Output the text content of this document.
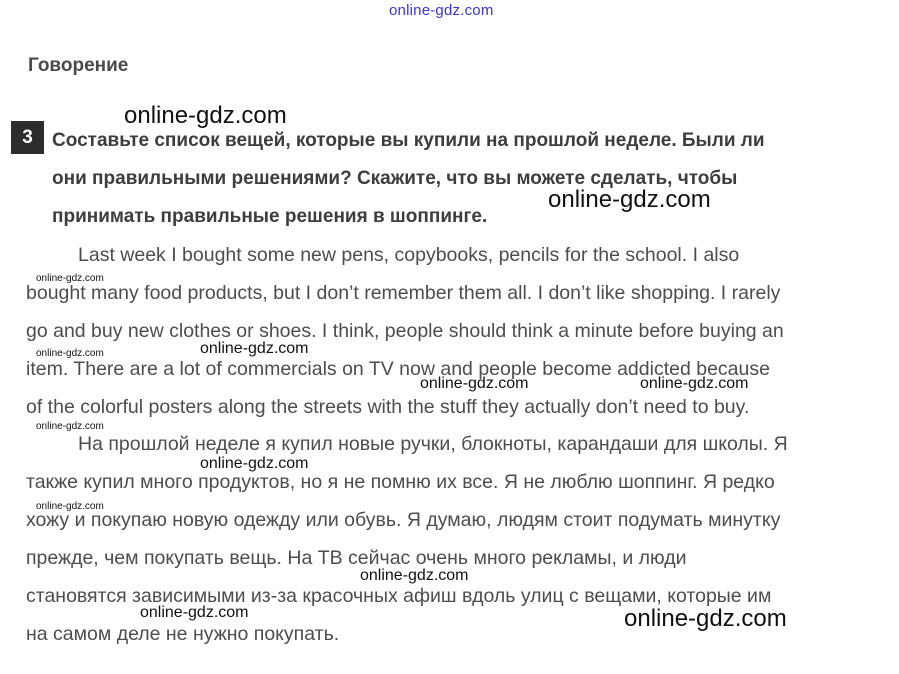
online-gdz.com
Говорение
3	Составьте список вещей, которые вы купили на прошлой неделе. Были ли
они правильными решениями? Скажите, что вы можете сделать, чтобы
принимать правильные решения в шоппинге.
Last week I bought some new pens, copybooks, pencils for the school. I also
bought many food products, but I don’t remember them all. I don’t like shopping. I rarely
go and buy new clothes or shoes. I think, people should think a minute before buying an
item. There are a lot of commercials on TV now and people become addicted because
of the colorful posters along the streets with the stuff they actually don’t need to buy.
На прошлой неделе я купил новые ручки, блокноты, карандаши для школы. Я
также купил много продуктов, но я не помню их все. Я не люблю шоппинг. Я редко
хожу и покупаю новую одежду или обувь. Я думаю, людям стоит подумать минутку
прежде, чем покупать вещь. На ТВ сейчас очень много рекламы, и люди
становятся зависимыми из-за красочных афиш вдоль улиц с вещами, которые им
на самом деле не нужно покупать.
online-gdz.com
online-gdz.com
online-gdz.com
online-gdz.com
online-gdz.com	online-gdz.com
online-gdz.com
online-gdz.com
online-gdz.com
online-gdz.com
online-gdz.com
online-gdz.com
online-gdz.com
